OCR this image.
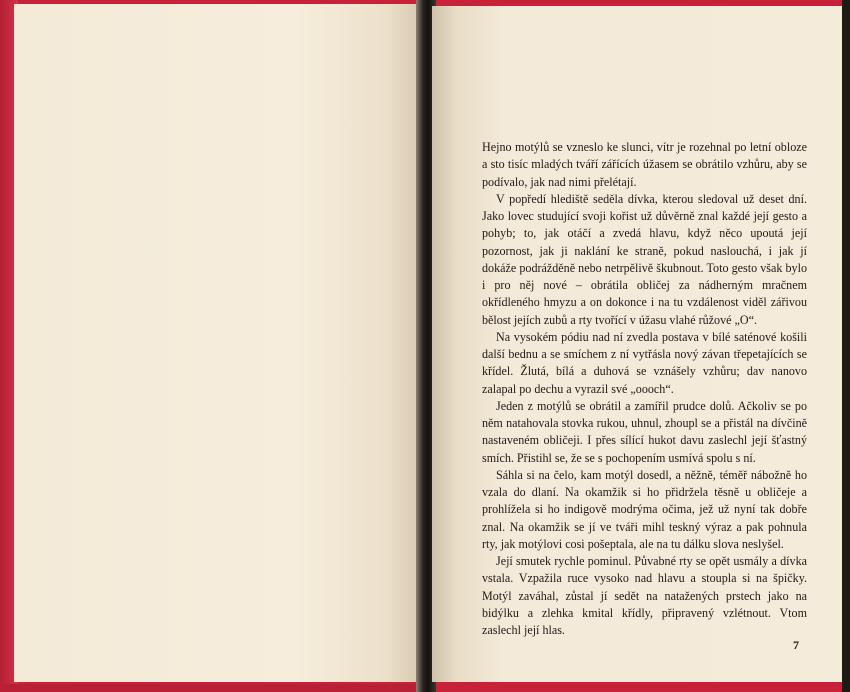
Hejno motýlů se vzneslo ke slunci, vítr je rozehnal po letní obloze a sto tisíc mladých tváří zářících úžasem se obrátilo vzhůru, aby se podívalo, jak nad nimi přelétají.

V popředí hlediště seděla dívka, kterou sledoval už deset dní. Jako lovec studující svoji kořist už důvěrně znal každé její gesto a pohyb; to, jak otáčí a zvedá hlavu, když něco upoutá její pozornost, jak ji naklání ke straně, pokud naslouchá, i jak jí dokáže podrážděně nebo netrpělivě škubnout. Toto gesto však bylo i pro něj nové – obrátila obličej za nádherným mračnem okřídleného hmyzu a on dokonce i na tu vzdálenost viděl zářivou bělost jejích zubů a rty tvořící v úžasu vlahé růžové „O“.

Na vysokém pódiu nad ní zvedla postava v bílé saténové košili další bednu a se smíchem z ní vytřásla nový závan třepetajících se křídel. Žlutá, bílá a duhová se vznášely vzhůru; dav nanovo zalapal po dechu a vyrazil své „oooch“.

Jeden z motýlů se obrátil a zamířil prudce dolů. Ačkoliv se po něm natahovala stovka rukou, uhnul, zhoupl se a přistál na dívčině nastaveném obličeji. I přes sílící hukot davu zaslechl její šťastný smích. Přistihl se, že se s pochopením usmívá spolu s ní.

Sáhla si na čelo, kam motýl dosedl, a něžně, téměř nábožně ho vzala do dlaní. Na okamžik si ho přidržela těsně u obličeje a prohlížela si ho indigově modrýma očima, jež už nyní tak dobře znal. Na okamžik se jí ve tváři mihl teskný výraz a pak pohnula rty, jak motýlovi cosi pošeptala, ale na tu dálku slova neslyšel.

Její smutek rychle pominul. Půvabné rty se opět usmály a dívka vstala. Vzpažila ruce vysoko nad hlavu a stoupla si na špičky. Motýl zaváhal, zůstal jí sedět na natažených prstech jako na bidýlku a zlehka kmital křídly, připravený vzlétnout. Vtom zaslechl její hlas.

7
